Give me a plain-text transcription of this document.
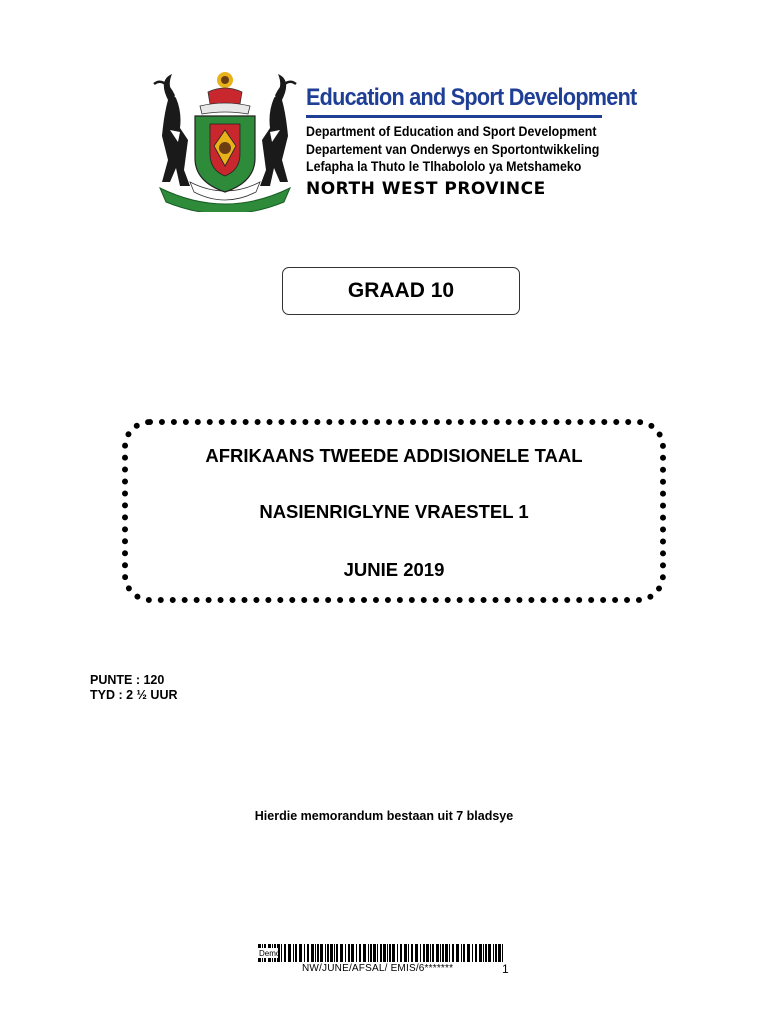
Education and Sport Development
Department of Education and Sport Development
Departement van Onderwys en Sportontwikkeling
Lefapha la Thuto le Tlhabololo ya Metshameko
NORTH WEST PROVINCE
GRAAD 10
AFRIKAANS TWEEDE ADDISIONELE TAAL
NASIENRIGLYNE VRAESTEL 1
JUNIE 2019
PUNTE : 120
TYD : 2 ½ UUR
Hierdie memorandum bestaan uit 7 bladsye
Demo
NW/JUNE/AFSAL/ EMIS/6*******	1
